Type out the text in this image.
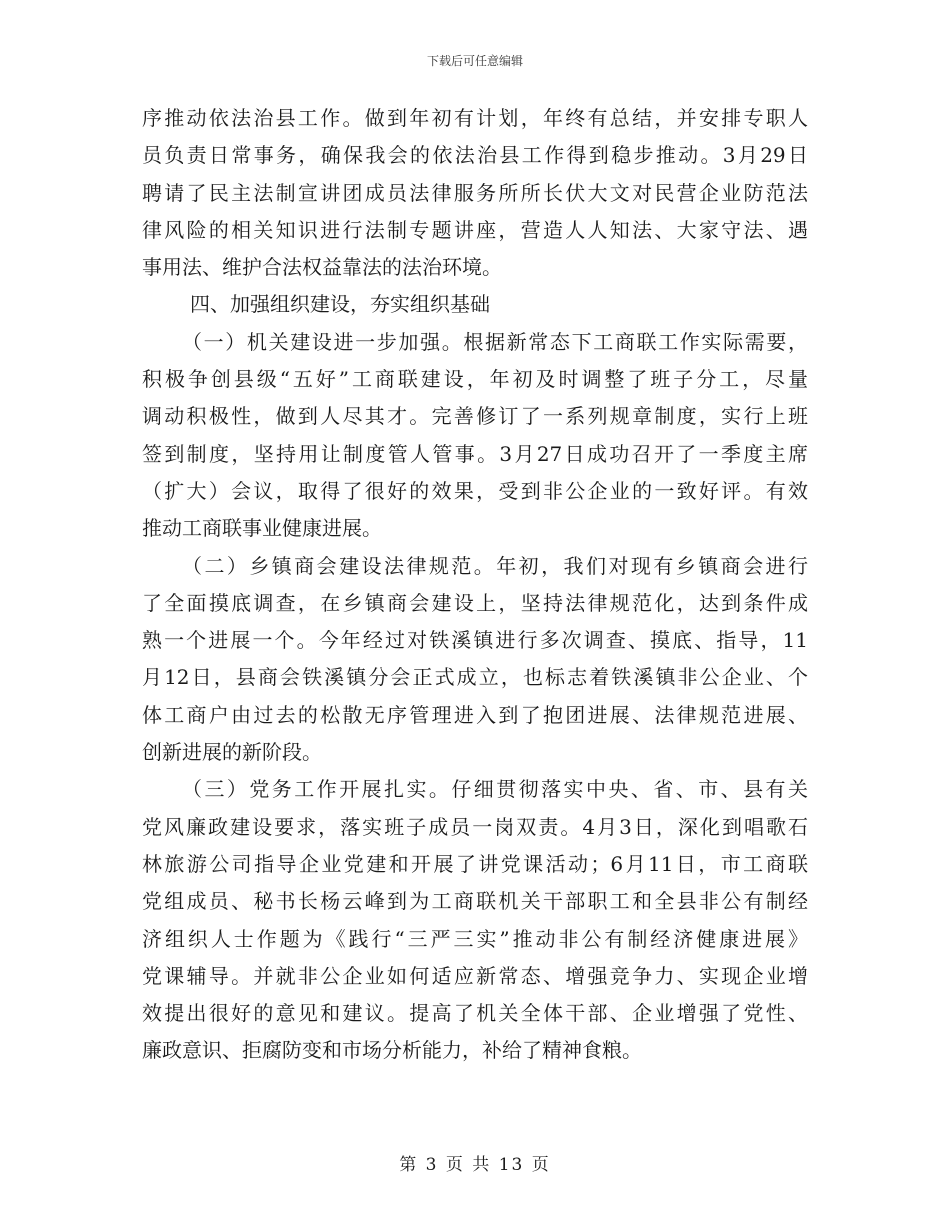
下载后可任意编辑
序推动依法治县工作。做到年初有计划，年终有总结，并安排专职人
员负责日常事务，确保我会的依法治县工作得到稳步推动。3月29日
聘请了民主法制宣讲团成员法律服务所所长伏大文对民营企业防范法
律风险的相关知识进行法制专题讲座，营造人人知法、大家守法、遇
事用法、维护合法权益靠法的法治环境。
四、加强组织建设，夯实组织基础
（一）机关建设进一步加强。根据新常态下工商联工作实际需要，
积极争创县级“五好”工商联建设，年初及时调整了班子分工，尽量
调动积极性，做到人尽其才。完善修订了一系列规章制度，实行上班
签到制度，坚持用让制度管人管事。3月27日成功召开了一季度主席
（扩大）会议，取得了很好的效果，受到非公企业的一致好评。有效
推动工商联事业健康进展。
（二）乡镇商会建设法律规范。年初，我们对现有乡镇商会进行
了全面摸底调查，在乡镇商会建设上，坚持法律规范化，达到条件成
熟一个进展一个。今年经过对铁溪镇进行多次调查、摸底、指导，11
月12日，县商会铁溪镇分会正式成立，也标志着铁溪镇非公企业、个
体工商户由过去的松散无序管理进入到了抱团进展、法律规范进展、
创新进展的新阶段。
（三）党务工作开展扎实。仔细贯彻落实中央、省、市、县有关
党风廉政建设要求，落实班子成员一岗双责。4月3日，深化到唱歌石
林旅游公司指导企业党建和开展了讲党课活动；6月11日，市工商联
党组成员、秘书长杨云峰到为工商联机关干部职工和全县非公有制经
济组织人士作题为《践行“三严三实”推动非公有制经济健康进展》
党课辅导。并就非公企业如何适应新常态、增强竞争力、实现企业增
效提出很好的意见和建议。提高了机关全体干部、企业增强了党性、
廉政意识、拒腐防变和市场分析能力，补给了精神食粮。
第 3 页 共 13 页
